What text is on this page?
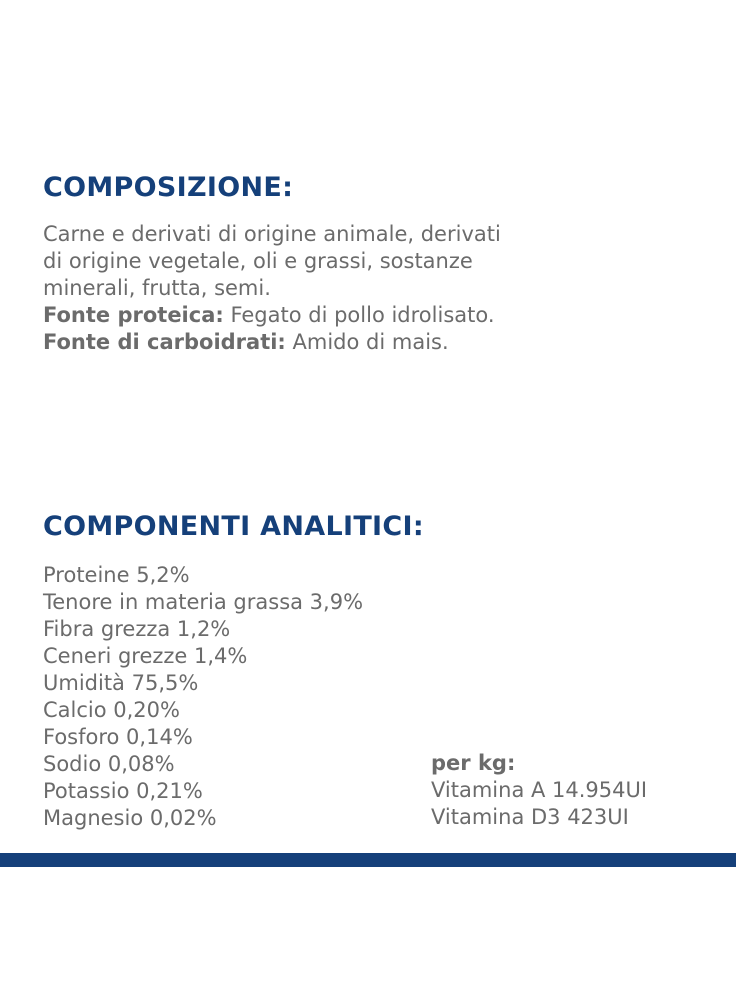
COMPOSIZIONE:

Carne e derivati di origine animale, derivati
di origine vegetale, oli e grassi, sostanze
minerali, frutta, semi.
Fonte proteica: Fegato di pollo idrolisato.
Fonte di carboidrati: Amido di mais.

COMPONENTI ANALITICI:
Proteine 5,2%
Tenore in materia grassa 3,9%
Fibra grezza 1,2%
Ceneri grezze 1,4%
Umidità 75,5%
Calcio 0,20%
Fosforo 0,14%
Sodio 0,08%
Potassio 0,21%
Magnesio 0,02%
per kg:
Vitamina A 14.954UI
Vitamina D3 423UI
